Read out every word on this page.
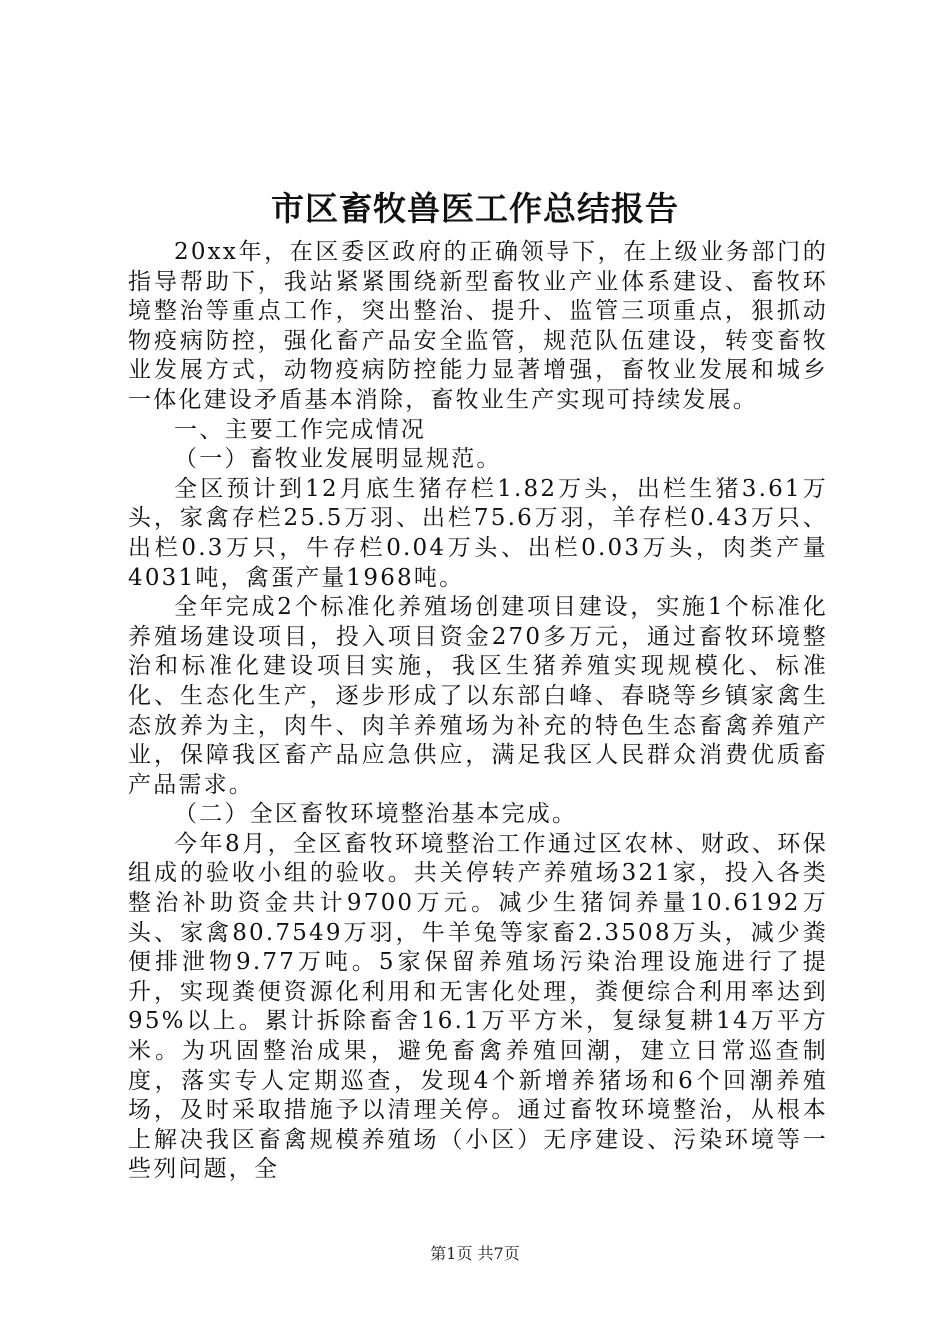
市区畜牧兽医工作总结报告

20xx年，在区委区政府的正确领导下，在上级业务部门的指导帮助下，我站紧紧围绕新型畜牧业产业体系建设、畜牧环境整治等重点工作，突出整治、提升、监管三项重点，狠抓动物疫病防控，强化畜产品安全监管，规范队伍建设，转变畜牧业发展方式，动物疫病防控能力显著增强，畜牧业发展和城乡一体化建设矛盾基本消除，畜牧业生产实现可持续发展。

一、主要工作完成情况

（一）畜牧业发展明显规范。

全区预计到12月底生猪存栏1.82万头，出栏生猪3.61万头，家禽存栏25.5万羽、出栏75.6万羽，羊存栏0.43万只、出栏0.3万只，牛存栏0.04万头、出栏0.03万头，肉类产量4031吨，禽蛋产量1968吨。

全年完成2个标准化养殖场创建项目建设，实施1个标准化养殖场建设项目，投入项目资金270多万元，通过畜牧环境整治和标准化建设项目实施，我区生猪养殖实现规模化、标准化、生态化生产，逐步形成了以东部白峰、春晓等乡镇家禽生态放养为主，肉牛、肉羊养殖场为补充的特色生态畜禽养殖产业，保障我区畜产品应急供应，满足我区人民群众消费优质畜产品需求。

（二）全区畜牧环境整治基本完成。

今年8月，全区畜牧环境整治工作通过区农林、财政、环保组成的验收小组的验收。共关停转产养殖场321家，投入各类整治补助资金共计9700万元。减少生猪饲养量10.6192万头、家禽80.7549万羽，牛羊兔等家畜2.3508万头，减少粪便排泄物9.77万吨。5家保留养殖场污染治理设施进行了提升，实现粪便资源化利用和无害化处理，粪便综合利用率达到95%以上。累计拆除畜舍16.1万平方米，复绿复耕14万平方米。为巩固整治成果，避免畜禽养殖回潮，建立日常巡查制度，落实专人定期巡查，发现4个新增养猪场和6个回潮养殖场，及时采取措施予以清理关停。通过畜牧环境整治，从根本上解决我区畜禽规模养殖场（小区）无序建设、污染环境等一些列问题，全

第1页 共7页
